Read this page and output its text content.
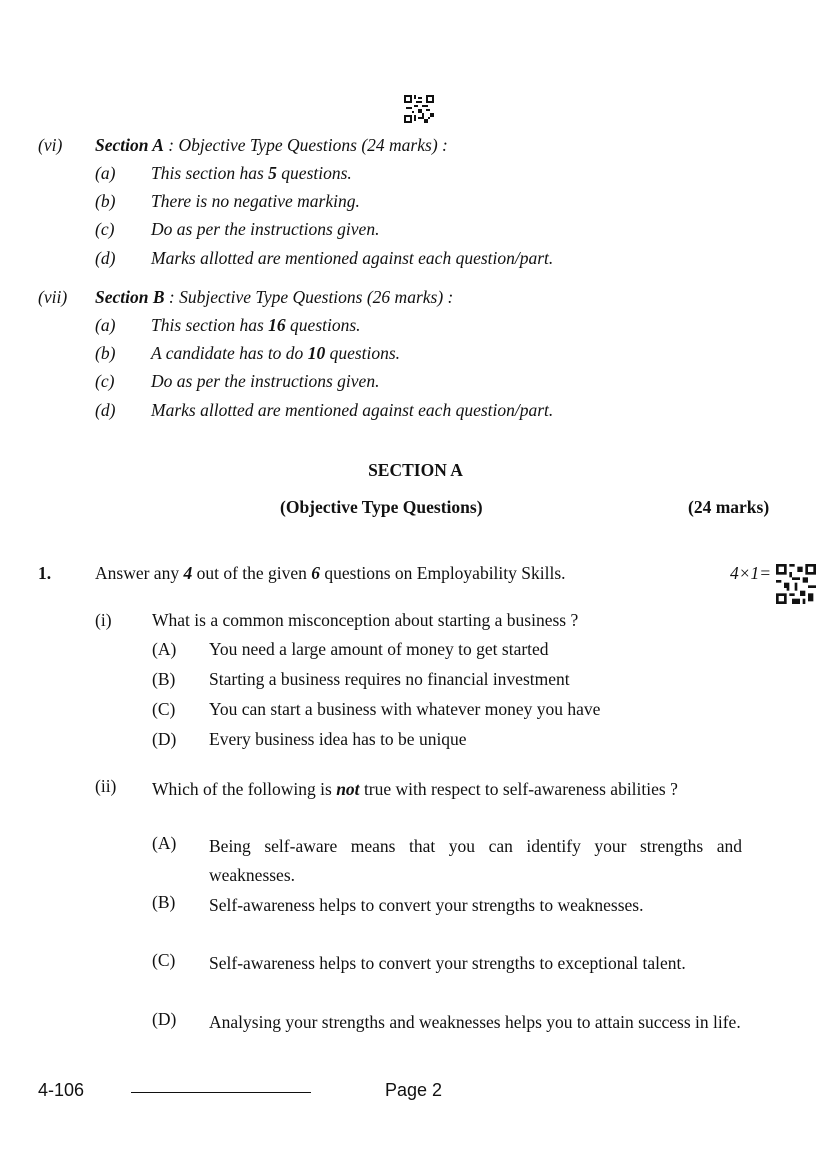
(vi) Section A : Objective Type Questions (24 marks) :
(a) This section has 5 questions.
(b) There is no negative marking.
(c) Do as per the instructions given.
(d) Marks allotted are mentioned against each question/part.
(vii) Section B : Subjective Type Questions (26 marks) :
(a) This section has 16 questions.
(b) A candidate has to do 10 questions.
(c) Do as per the instructions given.
(d) Marks allotted are mentioned against each question/part.
SECTION A
(Objective Type Questions)	(24 marks)
1.	Answer any 4 out of the given 6 questions on Employability Skills.	4×1=
(i) What is a common misconception about starting a business ?
(A) You need a large amount of money to get started
(B) Starting a business requires no financial investment
(C) You can start a business with whatever money you have
(D) Every business idea has to be unique
(ii) Which of the following is not true with respect to self-awareness abilities ?
(A) Being self-aware means that you can identify your strengths and weaknesses.
(B) Self-awareness helps to convert your strengths to weaknesses.
(C) Self-awareness helps to convert your strengths to exceptional talent.
(D) Analysing your strengths and weaknesses helps you to attain success in life.
4-106	Page 2
